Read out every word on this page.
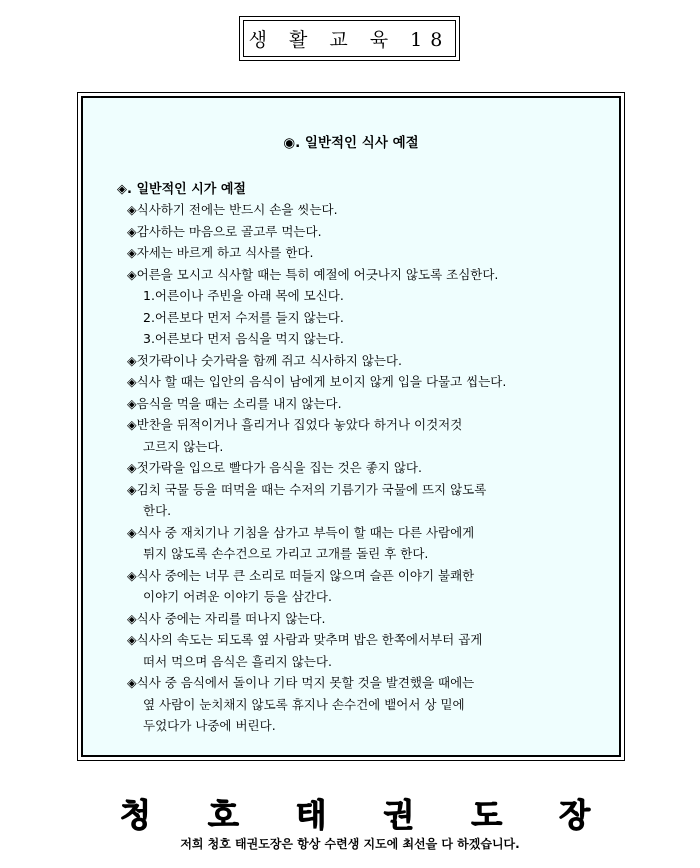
생 활 교 육 18
◉. 일반적인 식사 예절
◈. 일반적인 시가 예절
◈식사하기 전에는 반드시 손을 씻는다.
◈감사하는 마음으로 골고루 먹는다.
◈자세는 바르게 하고 식사를 한다.
◈어른을 모시고 식사할 때는 특히 예절에 어긋나지 않도록 조심한다.
1.어른이나 주빈을 아래 목에 모신다.
2.어른보다 먼저 수저를 들지 않는다.
3.어른보다 먼저 음식을 먹지 않는다.
◈젓가락이나 숫가락을 함께 쥐고 식사하지 않는다.
◈식사 할 때는 입안의 음식이 남에게 보이지 않게 입을 다물고 씹는다.
◈음식을 먹을 때는 소리를 내지 않는다.
◈반찬을 뒤적이거나 흘리거나 집었다 놓았다 하거나 이것저것
고르지 않는다.
◈젓가락을 입으로 빨다가 음식을 집는 것은 좋지 않다.
◈김치 국물 등을 떠먹을 때는 수저의 기름기가 국물에 뜨지 않도록
한다.
◈식사 중 재치기나 기침을 삼가고 부득이 할 때는 다른 사람에게
튀지 않도록 손수건으로 가리고 고개를 돌린 후 한다.
◈식사 중에는 너무 큰 소리로 떠들지 않으며 슬픈 이야기 불쾌한
이야기 어려운 이야기 등을 삼간다.
◈식사 중에는 자리를 떠나지 않는다.
◈식사의 속도는 되도록 옆 사람과 맞추며 밥은 한쪽에서부터 곱게
떠서 먹으며 음식은 흘리지 않는다.
◈식사 중 음식에서 돌이나 기타 먹지 못할 것을 발견했을 때에는
옆 사람이 눈치채지 않도록 휴지나 손수건에 뱉어서 상 밑에
두었다가 나중에 버린다.
청 호 태 권 도 장
저희 청호 태권도장은 항상 수련생 지도에 최선을 다 하겠습니다.
